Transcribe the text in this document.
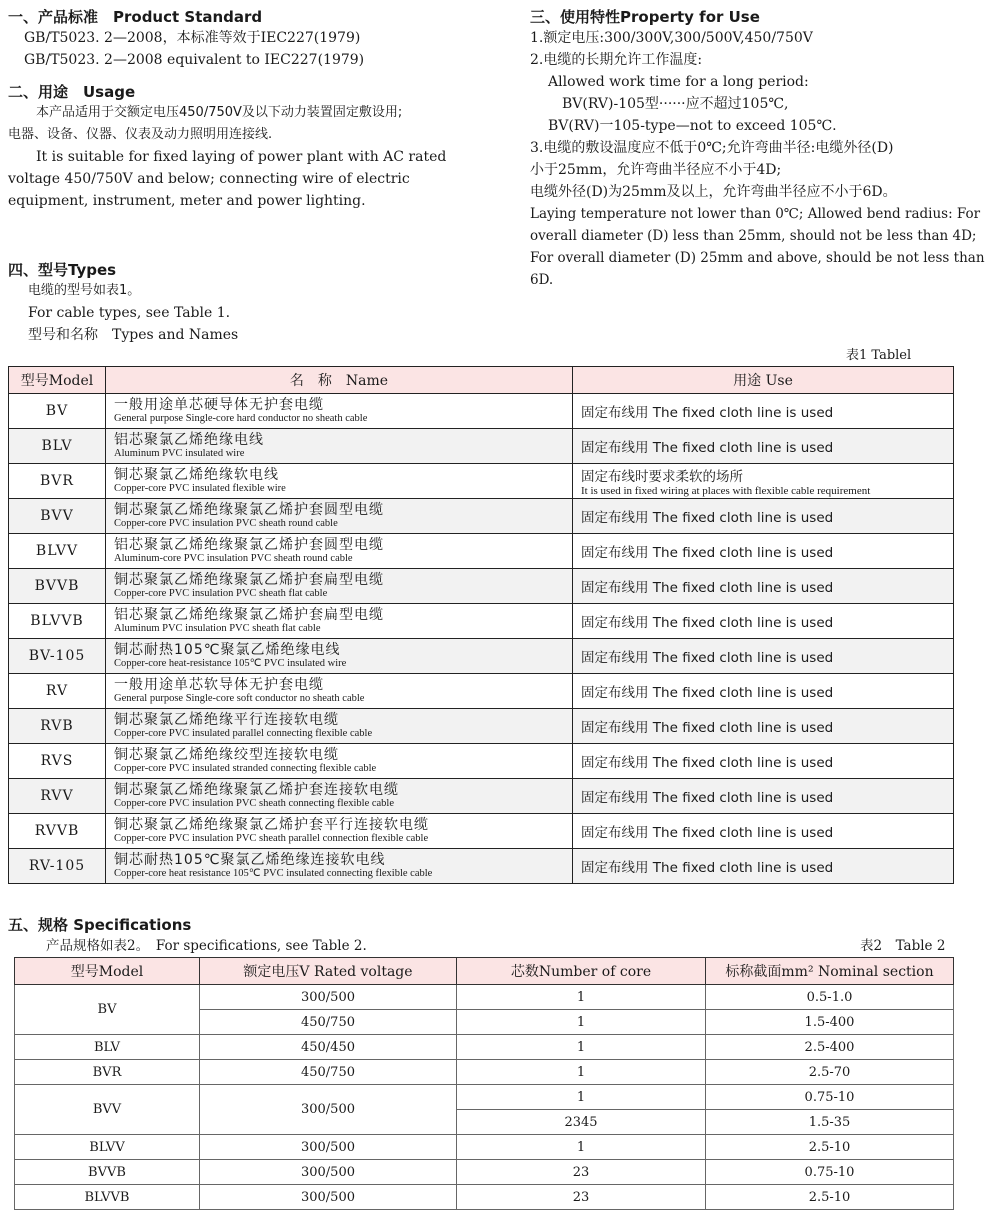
一、产品标准　Product Standard
GB/T5023. 2—2008，本标准等效于IEC227(1979)
GB/T5023. 2—2008 equivalent to IEC227(1979)
二、用途　Usage
本产品适用于交额定电压450/750V及以下动力装置固定敷设用;
电器、设备、仪器、仪表及动力照明用连接线.
It is suitable for fixed laying of power plant with AC rated voltage 450/750V and below; connecting wire of electric equipment, instrument, meter and power lighting.
三、使用特性Property for Use
1.额定电压:300/300V,300/500V,450/750V
2.电缆的长期允许工作温度:
Allowed work time for a long period:
BV(RV)-105型······应不超过105℃,
BV(RV)一105-type—not to exceed 105℃.
3.电缆的敷设温度应不低于0℃;允许弯曲半径:电缆外径(D)
小于25mm，允许弯曲半径应不小于4D;
电缆外径(D)为25mm及以上，允许弯曲半径应不小于6D。
Laying temperature not lower than 0℃; Allowed bend radius: For overall diameter (D) less than 25mm, should not be less than 4D; For overall diameter (D) 25mm and above, should be not less than 6D.
四、型号Types
电缆的型号如表1。
For cable types, see Table 1.
型号和名称　Types and Names
表1 Tablel
型号Model	名　称　Name	用途 Use
BV	一般用途单芯硬导体无护套电缆
General purpose Single-core hard conductor no sheath cable	固定布线用 The fixed cloth line is used
BLV	铝芯聚氯乙烯绝缘电线
Aluminum PVC insulated wire	固定布线用 The fixed cloth line is used
BVR	铜芯聚氯乙烯绝缘软电线
Copper-core PVC insulated flexible wire	固定布线时要求柔软的场所
It is used in fixed wiring at places with flexible cable requirement

BVV	铜芯聚氯乙烯绝缘聚氯乙烯护套圆型电缆
Copper-core PVC insulation PVC sheath round cable	固定布线用 The fixed cloth line is used
BLVV	铝芯聚氯乙烯绝缘聚氯乙烯护套圆型电缆
Aluminum-core PVC insulation PVC sheath round cable	固定布线用 The fixed cloth line is used
BVVB	铜芯聚氯乙烯绝缘聚氯乙烯护套扁型电缆
Copper-core PVC insulation PVC sheath flat cable	固定布线用 The fixed cloth line is used
BLVVB	铝芯聚氯乙烯绝缘聚氯乙烯护套扁型电缆
Aluminum PVC insulation PVC sheath flat cable	固定布线用 The fixed cloth line is used
BV-105	铜芯耐热105℃聚氯乙烯绝缘电线
Copper-core heat-resistance 105℃ PVC insulated wire	固定布线用 The fixed cloth line is used
RV	一般用途单芯软导体无护套电缆
General purpose Single-core soft conductor no sheath cable	固定布线用 The fixed cloth line is used
RVB	铜芯聚氯乙烯绝缘平行连接软电缆
Copper-core PVC insulated parallel connecting flexible cable	固定布线用 The fixed cloth line is used
RVS	铜芯聚氯乙烯绝缘绞型连接软电缆
Copper-core PVC insulated stranded connecting flexible cable	固定布线用 The fixed cloth line is used
RVV	铜芯聚氯乙烯绝缘聚氯乙烯护套连接软电缆
Copper-core PVC insulation PVC sheath connecting flexible cable	固定布线用 The fixed cloth line is used
RVVB	铜芯聚氯乙烯绝缘聚氯乙烯护套平行连接软电缆
Copper-core PVC insulation PVC sheath parallel connection flexible cable	固定布线用 The fixed cloth line is used
RV-105	铜芯耐热105℃聚氯乙烯绝缘连接软电线
Copper-core heat resistance 105℃ PVC insulated connecting flexible cable	固定布线用 The fixed cloth line is used
五、规格 Specifications
产品规格如表2。　For specifications, see Table 2.	表2　Table 2
型号Model	额定电压V Rated voltage	芯数Number of core	标称截面mm² Nominal section
BV	300/500	1	0.5-1.0
	450/750	1	1.5-400
BLV	450/450	1	2.5-400
BVR	450/750	1	2.5-70
BVV	300/500	1	0.75-10
		2345	1.5-35
BLVV	300/500	1	2.5-10
BVVB	300/500	23	0.75-10
BLVVB	300/500	23	2.5-10
